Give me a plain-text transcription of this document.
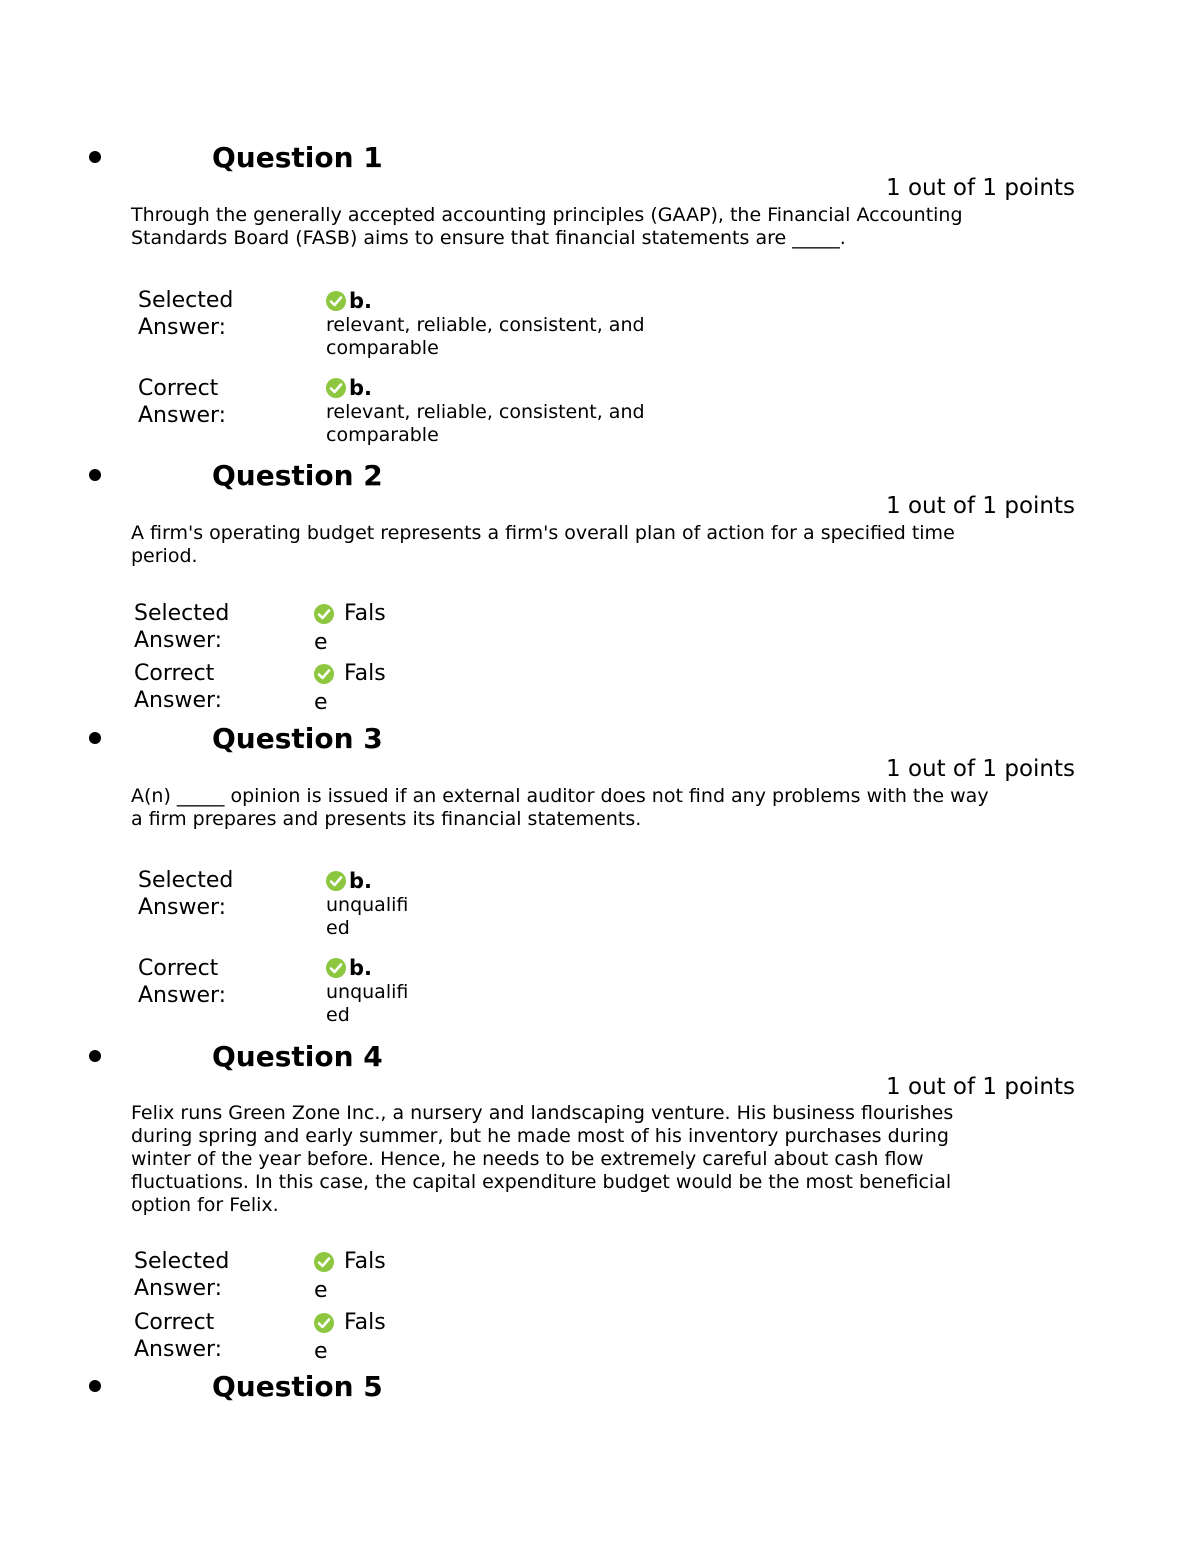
Question 1
1 out of 1 points
Through the generally accepted accounting principles (GAAP), the Financial Accounting
Standards Board (FASB) aims to ensure that financial statements are _____.
Selected
Answer:
b.
relevant, reliable, consistent, and
comparable
Correct
Answer:
b.
relevant, reliable, consistent, and
comparable
Question 2
1 out of 1 points
A firm's operating budget represents a firm's overall plan of action for a specified time
period.
Selected
Answer:
Fals
e
Correct
Answer:
Fals
e
Question 3
1 out of 1 points
A(n) _____ opinion is issued if an external auditor does not find any problems with the way
a firm prepares and presents its financial statements.
Selected
Answer:
b.
unqualifi
ed
Correct
Answer:
b.
unqualifi
ed
Question 4
1 out of 1 points
Felix runs Green Zone Inc., a nursery and landscaping venture. His business flourishes
during spring and early summer, but he made most of his inventory purchases during
winter of the year before. Hence, he needs to be extremely careful about cash flow
fluctuations. In this case, the capital expenditure budget would be the most beneficial
option for Felix.
Selected
Answer:
Fals
e
Correct
Answer:
Fals
e
Question 5
